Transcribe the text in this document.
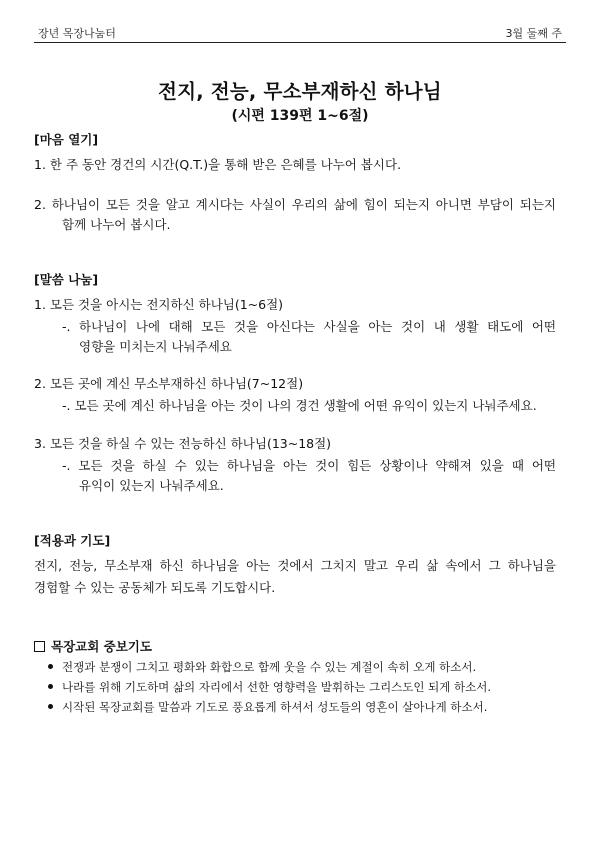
장년 목장나눔터	3월 둘째 주
전지, 전능, 무소부재하신 하나님
(시편 139편 1~6절)
[마음 열기]
1. 한 주 동안 경건의 시간(Q.T.)을 통해 받은 은혜를 나누어 봅시다.
2. 하나님이 모든 것을 알고 계시다는 사실이 우리의 삶에 힘이 되는지 아니면 부담이 되는지
함께 나누어 봅시다.
[말씀 나눔]
1. 모든 것을 아시는 전지하신 하나님(1~6절)
-. 하나님이 나에 대해 모든 것을 아신다는 사실을 아는 것이 내 생활 태도에 어떤
영향을 미치는지 나눠주세요
2. 모든 곳에 계신 무소부재하신 하나님(7~12절)
-. 모든 곳에 계신 하나님을 아는 것이 나의 경건 생활에 어떤 유익이 있는지 나눠주세요.
3. 모든 것을 하실 수 있는 전능하신 하나님(13~18절)
-. 모든 것을 하실 수 있는 하나님을 아는 것이 힘든 상황이나 약해져 있을 때 어떤
유익이 있는지 나눠주세요.
[적용과 기도]
전지, 전능, 무소부재 하신 하나님을 아는 것에서 그치지 말고 우리 삶 속에서 그 하나님을
경험할 수 있는 공동체가 되도록 기도합시다.
목장교회 중보기도
전쟁과 분쟁이 그치고 평화와 화합으로 함께 웃을 수 있는 계절이 속히 오게 하소서.
나라를 위해 기도하며 삶의 자리에서 선한 영향력을 발휘하는 그리스도인 되게 하소서.
시작된 목장교회를 말씀과 기도로 풍요롭게 하셔서 성도들의 영혼이 살아나게 하소서.
